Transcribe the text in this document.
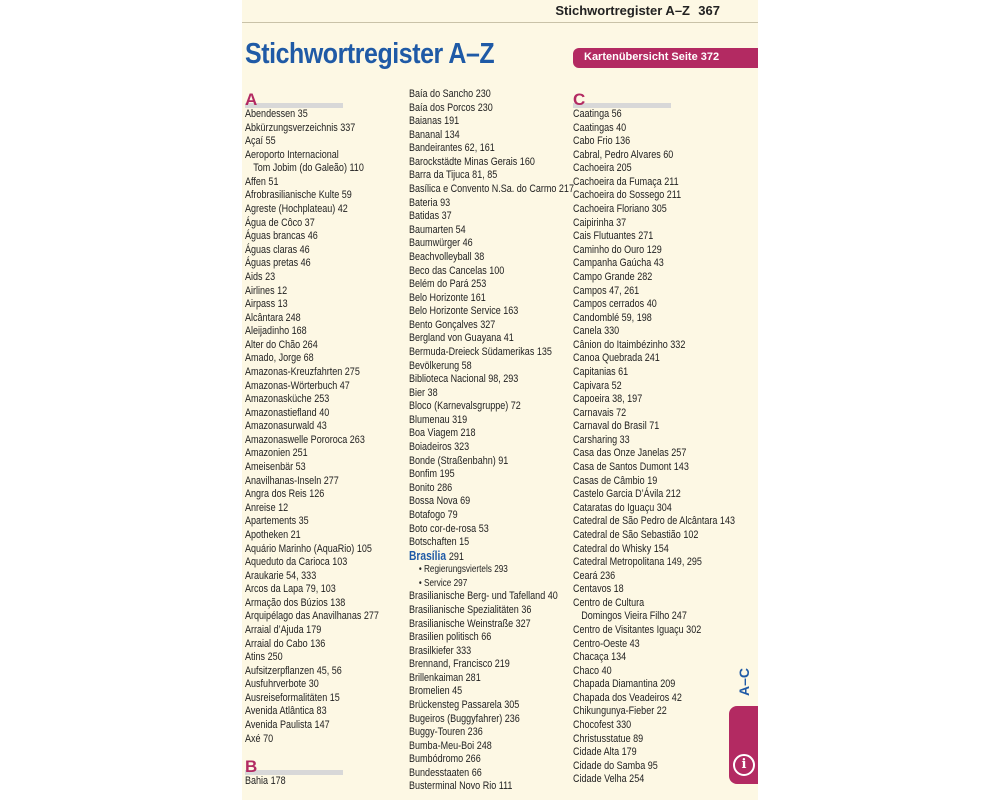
Stichwortregister A–Z 367
Stichwortregister A–Z	Kartenübersicht Seite 372
A
Abendessen 35
Abkürzungsverzeichnis 337
Açaí 55
Aeroporto Internacional
Tom Jobim (do Galeão) 110
Affen 51
Afrobrasilianische Kulte 59
Agreste (Hochplateau) 42
Água de Côco 37
Águas brancas 46
Águas claras 46
Águas pretas 46
Aids 23
Airlines 12
Airpass 13
Alcântara 248
Aleijadinho 168
Alter do Chão 264
Amado, Jorge 68
Amazonas-Kreuzfahrten 275
Amazonas-Wörterbuch 47
Amazonasküche 253
Amazonastiefland 40
Amazonasurwald 43
Amazonaswelle Pororoca 263
Amazonien 251
Ameisenbär 53
Anavilhanas-Inseln 277
Angra dos Reis 126
Anreise 12
Apartements 35
Apotheken 21
Aquário Marinho (AquaRio) 105
Aqueduto da Carioca 103
Araukarie 54, 333
Arcos da Lapa 79, 103
Armação dos Búzios 138
Arquipélago das Anavilhanas 277
Arraial d’Ajuda 179
Arraial do Cabo 136
Atins 250
Aufsitzerpflanzen 45, 56
Ausfuhrverbote 30
Ausreiseformalitäten 15
Avenida Atlântica 83
Avenida Paulista 147
Axé 70
B
Bahia 178
Baía do Sancho 230
Baía dos Porcos 230
Baianas 191
Bananal 134
Bandeirantes 62, 161
Barockstädte Minas Gerais 160
Barra da Tijuca 81, 85
Basílica e Convento N.Sa. do Carmo 217
Bateria 93
Batidas 37
Baumarten 54
Baumwürger 46
Beachvolleyball 38
Beco das Cancelas 100
Belém do Pará 253
Belo Horizonte 161
Belo Horizonte Service 163
Bento Gonçalves 327
Bergland von Guayana 41
Bermuda-Dreieck Südamerikas 135
Bevölkerung 58
Biblioteca Nacional 98, 293
Bier 38
Bloco (Karnevalsgruppe) 72
Blumenau 319
Boa Viagem 218
Boiadeiros 323
Bonde (Straßenbahn) 91
Bonfim 195
Bonito 286
Bossa Nova 69
Botafogo 79
Boto cor-de-rosa 53
Botschaften 15
Brasília 291
• Regierungsviertels 293
• Service 297
Brasilianische Berg- und Tafelland 40
Brasilianische Spezialitäten 36
Brasilianische Weinstraße 327
Brasilien politisch 66
Brasilkiefer 333
Brennand, Francisco 219
Brillenkaiman 281
Bromelien 45
Brückensteg Passarela 305
Bugeiros (Buggyfahrer) 236
Buggy-Touren 236
Bumba-Meu-Boi 248
Bumbódromo 266
Bundesstaaten 66
Busterminal Novo Rio 111
C
Caatinga 56
Caatingas 40
Cabo Frio 136
Cabral, Pedro Alvares 60
Cachoeira 205
Cachoeira da Fumaça 211
Cachoeira do Sossego 211
Cachoeira Floriano 305
Caipirinha 37
Cais Flutuantes 271
Caminho do Ouro 129
Campanha Gaúcha 43
Campo Grande 282
Campos 47, 261
Campos cerrados 40
Candomblé 59, 198
Canela 330
Cânion do Itaimbézinho 332
Canoa Quebrada 241
Capitanias 61
Capivara 52
Capoeira 38, 197
Carnavais 72
Carnaval do Brasil 71
Carsharing 33
Casa das Onze Janelas 257
Casa de Santos Dumont 143
Casas de Câmbio 19
Castelo Garcia D’Ávila 212
Cataratas do Iguaçu 304
Catedral de São Pedro de Alcântara 143
Catedral de São Sebastião 102
Catedral do Whisky 154
Catedral Metropolitana 149, 295
Ceará 236
Centavos 18
Centro de Cultura
Domingos Vieira Filho 247
Centro de Visitantes Iguaçu 302
Centro-Oeste 43
Chacaça 134
Chaco 40
Chapada Diamantina 209
Chapada dos Veadeiros 42
Chikungunya-Fieber 22
Chocofest 330
Christusstatue 89
Cidade Alta 179
Cidade do Samba 95
Cidade Velha 254
A–C
i
